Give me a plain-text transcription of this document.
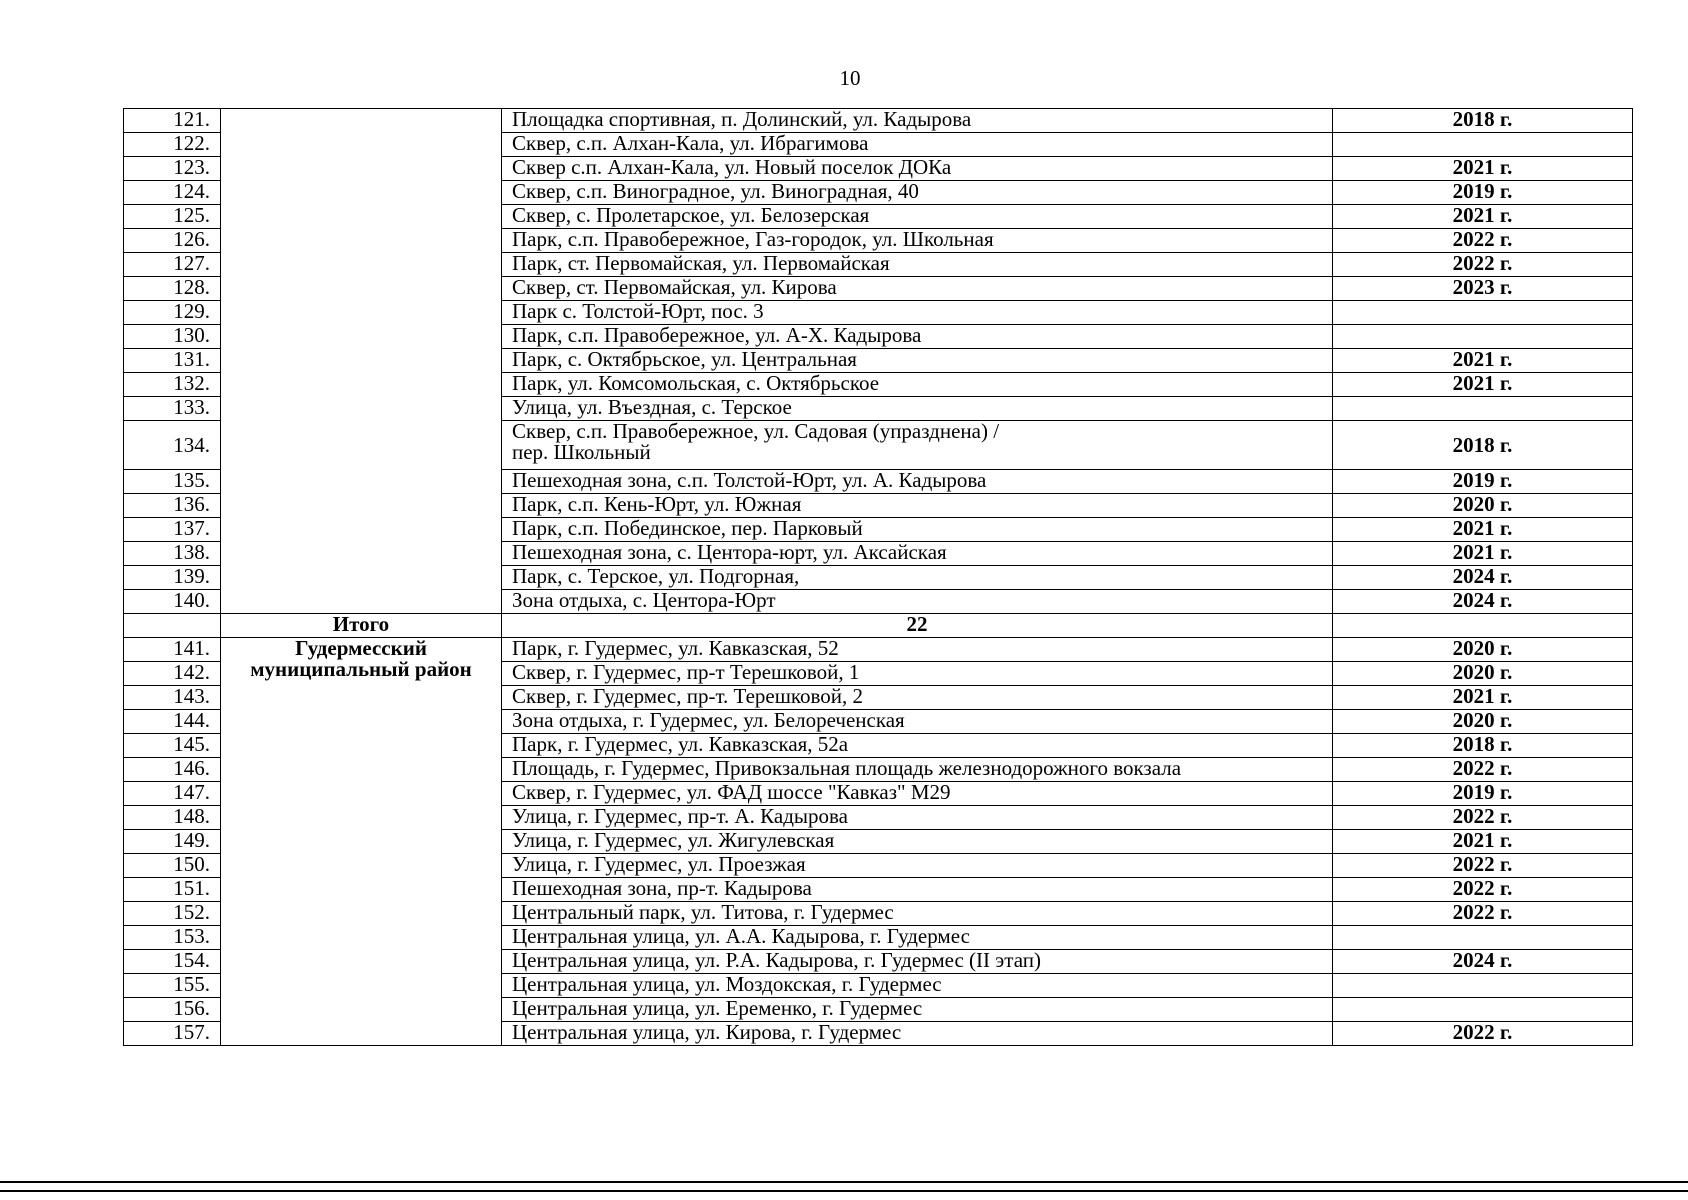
10
121.		Площадка спортивная, п. Долинский, ул. Кадырова	2018 г.
122.		Сквер, с.п. Алхан-Кала, ул. Ибрагимова	
123.		Сквер с.п. Алхан-Кала, ул. Новый поселок ДОКа	2021 г.
124.		Сквер, с.п. Виноградное, ул. Виноградная, 40	2019 г.
125.		Сквер, с. Пролетарское, ул. Белозерская	2021 г.
126.		Парк, с.п. Правобережное, Газ-городок, ул. Школьная	2022 г.
127.		Парк, ст. Первомайская, ул. Первомайская	2022 г.
128.		Сквер, ст. Первомайская, ул. Кирова	2023 г.
129.		Парк с. Толстой-Юрт, пос. 3	
130.		Парк, с.п. Правобережное, ул. А-Х. Кадырова	
131.		Парк, с. Октябрьское, ул. Центральная	2021 г.
132.		Парк, ул. Комсомольская, с. Октябрьское	2021 г.
133.		Улица, ул. Въездная, с. Терское	
134.		Сквер, с.п. Правобережное, ул. Садовая (упразднена) /
пер. Школьный	2018 г.
135.		Пешеходная зона, с.п. Толстой-Юрт, ул. А. Кадырова	2019 г.
136.		Парк, с.п. Кень-Юрт, ул. Южная	2020 г.
137.		Парк, с.п. Побединское, пер. Парковый	2021 г.
138.		Пешеходная зона, с. Центора-юрт, ул. Аксайская	2021 г.
139.		Парк, с. Терское, ул. Подгорная,	2024 г.
140.		Зона отдыха, с. Центора-Юрт	2024 г.
	Итого	22	
141.	Гудермесский
муниципальный район	Парк, г. Гудермес, ул. Кавказская, 52	2020 г.
142.		Сквер, г. Гудермес, пр-т Терешковой, 1	2020 г.
143.		Сквер, г. Гудермес, пр-т. Терешковой, 2	2021 г.
144.		Зона отдыха, г. Гудермес, ул. Белореченская	2020 г.
145.		Парк, г. Гудермес, ул. Кавказская, 52а	2018 г.
146.		Площадь, г. Гудермес, Привокзальная площадь железнодорожного вокзала	2022 г.
147.		Сквер, г. Гудермес, ул. ФАД шоссе "Кавказ" М29	2019 г.
148.		Улица, г. Гудермес, пр-т. А. Кадырова	2022 г.
149.		Улица, г. Гудермес, ул. Жигулевская	2021 г.
150.		Улица, г. Гудермес, ул. Проезжая	2022 г.
151.		Пешеходная зона, пр-т. Кадырова	2022 г.
152.		Центральный парк, ул. Титова, г. Гудермес	2022 г.
153.		Центральная улица, ул. А.А. Кадырова, г. Гудермес	
154.		Центральная улица, ул. Р.А. Кадырова, г. Гудермес (II этап)	2024 г.
155.		Центральная улица, ул. Моздокская, г. Гудермес	
156.		Центральная улица, ул. Еременко, г. Гудермес	
157.		Центральная улица, ул. Кирова, г. Гудермес	2022 г.
